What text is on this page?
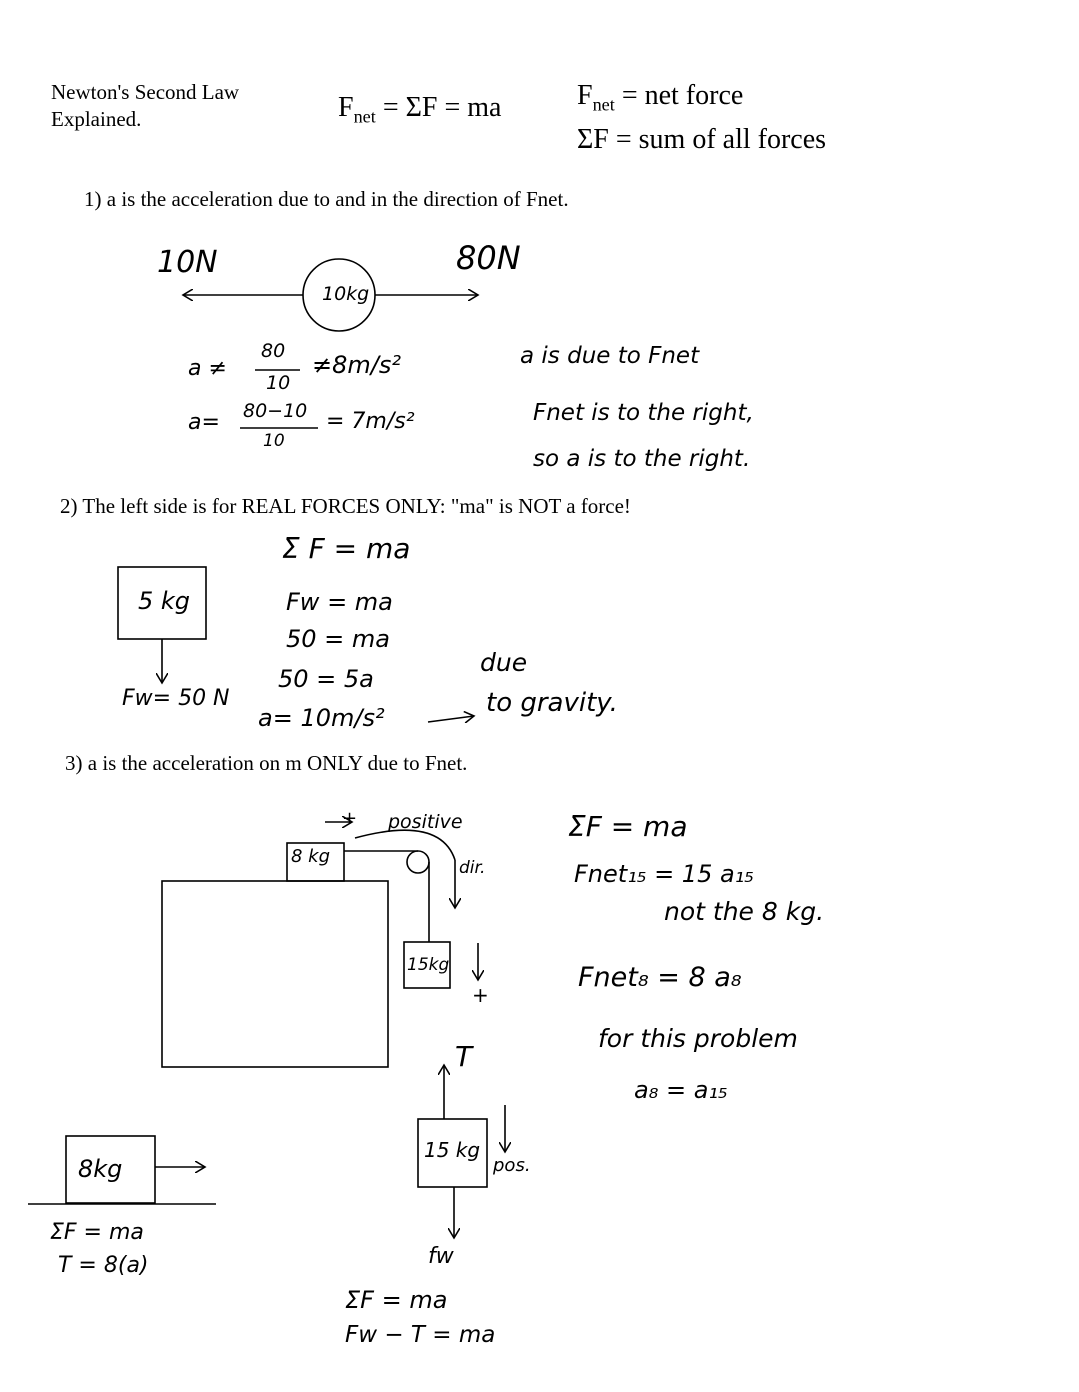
Newton's Second Law
Explained.	$F_{net} = \Sigma F$ = ma	$F_{net}$ = net force
ΣF = sum of all forces
1) a is the acceleration due to and in the direction of Fnet.
10N	80N
10kg
a ≠
80
10
≠8m/s²
a= 80−10
10
= 7m/s²
a is due to Fnet
Fnet is to the right,
so a is to the right.
2) The left side is for REAL FORCES ONLY: "ma" is NOT a force!
Σ F = ma
5 kg	Fw = ma
50 = ma
50 = 5a
Fw= 50 N
a= 10m/s²
due
to gravity.
3) a is the acceleration on m ONLY due to Fnet.
+ positive
8 kg
dir.
15kg
+
ΣF = ma
Fnet₁₅ = 15 a₁₅
not the 8 kg.
Fnet₈ = 8 a₈
for this problem
a₈ = a₁₅
8kg
ΣF = ma
T = 8(a)
T
15 kg
pos.
fw
ΣF = ma
Fw − T = ma
